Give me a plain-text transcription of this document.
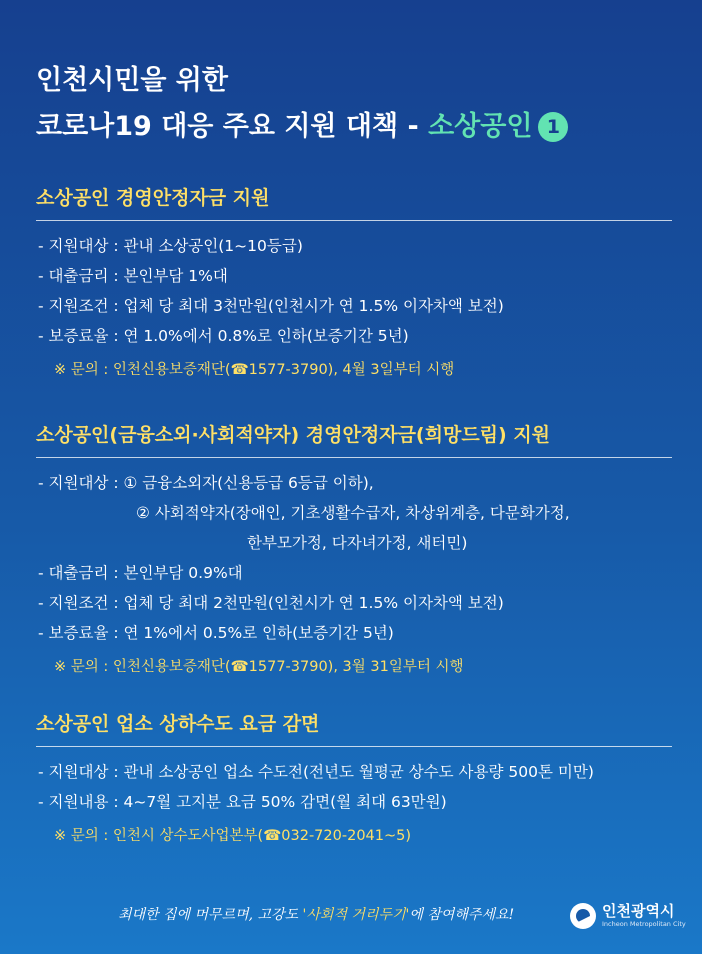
인천시민을 위한
코로나19 대응 주요 지원 대책 - 소상공인 1
소상공인 경영안정자금 지원
- 지원대상 : 관내 소상공인(1~10등급)
- 대출금리 : 본인부담 1%대
- 지원조건 : 업체 당 최대 3천만원(인천시가 연 1.5% 이자차액 보전)
- 보증료율 : 연 1.0%에서 0.8%로 인하(보증기간 5년)
※ 문의 : 인천신용보증재단(☎1577-3790), 4월 3일부터 시행
소상공인(금융소외·사회적약자) 경영안정자금(희망드림) 지원
- 지원대상 : ① 금융소외자(신용등급 6등급 이하),
② 사회적약자(장애인, 기초생활수급자, 차상위계층, 다문화가정,
한부모가정, 다자녀가정, 새터민)
- 대출금리 : 본인부담 0.9%대
- 지원조건 : 업체 당 최대 2천만원(인천시가 연 1.5% 이자차액 보전)
- 보증료율 : 연 1%에서 0.5%로 인하(보증기간 5년)
※ 문의 : 인천신용보증재단(☎1577-3790), 3월 31일부터 시행
소상공인 업소 상하수도 요금 감면
- 지원대상 : 관내 소상공인 업소 수도전(전년도 월평균 상수도 사용량 500톤 미만)
- 지원내용 : 4~7월 고지분 요금 50% 감면(월 최대 63만원)
※ 문의 : 인천시 상수도사업본부(☎032-720-2041~5)
최대한 집에 머무르며, 고강도 '사회적 거리두기'에 참여해주세요!	인천광역시
Incheon Metropolitan City
